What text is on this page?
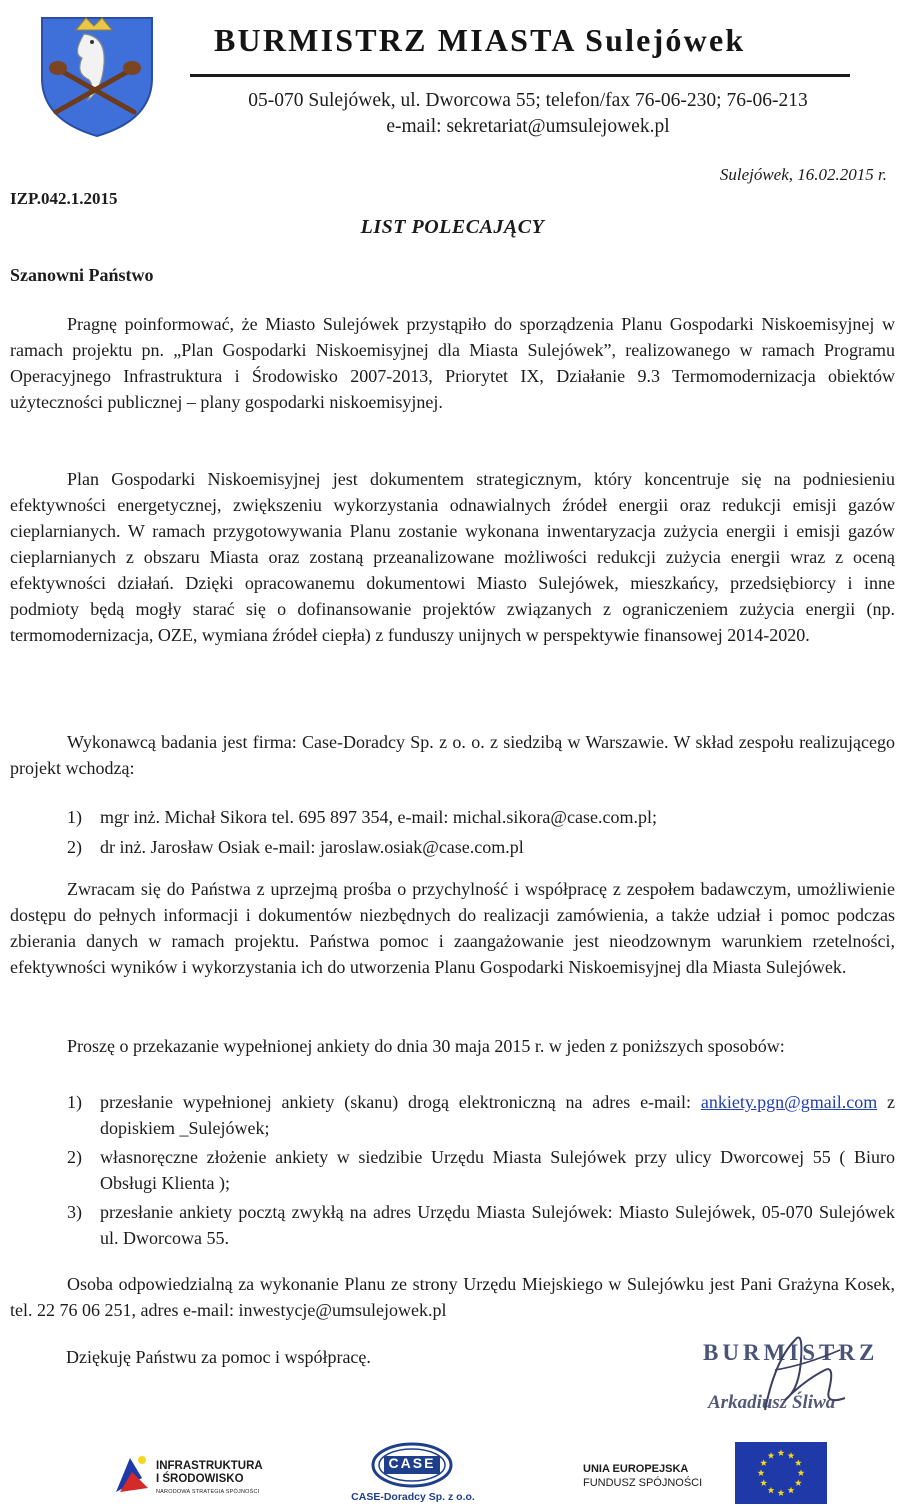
BURMISTRZ MIASTA Sulejówek
05-070 Sulejówek, ul. Dworcowa 55; telefon/fax 76-06-230; 76-06-213
e-mail: sekretariat@umsulejowek.pl
Sulejówek, 16.02.2015 r.
IZP.042.1.2015
LIST POLECAJĄCY
Szanowni Państwo
Pragnę poinformować, że Miasto Sulejówek przystąpiło do sporządzenia Planu Gospodarki Niskoemisyjnej w ramach projektu pn. „Plan Gospodarki Niskoemisyjnej dla Miasta Sulejówek”, realizowanego w ramach Programu Operacyjnego Infrastruktura i Środowisko 2007-2013, Priorytet IX, Działanie 9.3 Termomodernizacja obiektów użyteczności publicznej – plany gospodarki niskoemisyjnej.
Plan Gospodarki Niskoemisyjnej jest dokumentem strategicznym, który koncentruje się na podniesieniu efektywności energetycznej, zwiększeniu wykorzystania odnawialnych źródeł energii oraz redukcji emisji gazów cieplarnianych. W ramach przygotowywania Planu zostanie wykonana inwentaryzacja zużycia energii i emisji gazów cieplarnianych z obszaru Miasta oraz zostaną przeanalizowane możliwości redukcji zużycia energii wraz z oceną efektywności działań. Dzięki opracowanemu dokumentowi Miasto Sulejówek, mieszkańcy, przedsiębiorcy i inne podmioty będą mogły starać się o dofinansowanie projektów związanych z ograniczeniem zużycia energii (np. termomodernizacja, OZE, wymiana źródeł ciepła) z funduszy unijnych w perspektywie finansowej 2014-2020.
Wykonawcą badania jest firma: Case-Doradcy Sp. z o. o. z siedzibą w Warszawie. W skład zespołu realizującego projekt wchodzą:
1) mgr inż. Michał Sikora tel. 695 897 354, e-mail: michal.sikora@case.com.pl;
2) dr inż. Jarosław Osiak e-mail: jaroslaw.osiak@case.com.pl
Zwracam się do Państwa z uprzejmą prośba o przychylność i współpracę z zespołem badawczym, umożliwienie dostępu do pełnych informacji i dokumentów niezbędnych do realizacji zamówienia, a także udział i pomoc podczas zbierania danych w ramach projektu. Państwa pomoc i zaangażowanie jest nieodzownym warunkiem rzetelności, efektywności wyników i wykorzystania ich do utworzenia Planu Gospodarki Niskoemisyjnej dla Miasta Sulejówek.
Proszę o przekazanie wypełnionej ankiety do dnia 30 maja 2015 r. w jeden z poniższych sposobów:
1) przesłanie wypełnionej ankiety (skanu) drogą elektroniczną na adres e-mail: ankiety.pgn@gmail.com z dopiskiem _Sulejówek;
2) własnoręczne złożenie ankiety w siedzibie Urzędu Miasta Sulejówek przy ulicy Dworcowej 55 ( Biuro Obsługi Klienta );
3) przesłanie ankiety pocztą zwykłą na adres Urzędu Miasta Sulejówek: Miasto Sulejówek, 05-070 Sulejówek ul. Dworcowa 55.
Osoba odpowiedzialną za wykonanie Planu ze strony Urzędu Miejskiego w Sulejówku jest Pani Grażyna Kosek, tel. 22 76 06 251, adres e-mail: inwestycje@umsulejowek.pl
Dziękuję Państwu za pomoc i współpracę.	BURMISTRZ
Arkadiusz Śliwa
INFRASTRUKTURA
I ŚRODOWISKO
NARODOWA STRATEGIA SPÓJNOŚCI
CASE
CASE-Doradcy Sp. z o.o.
UNIA EUROPEJSKA
FUNDUSZ SPÓJNOŚCI
